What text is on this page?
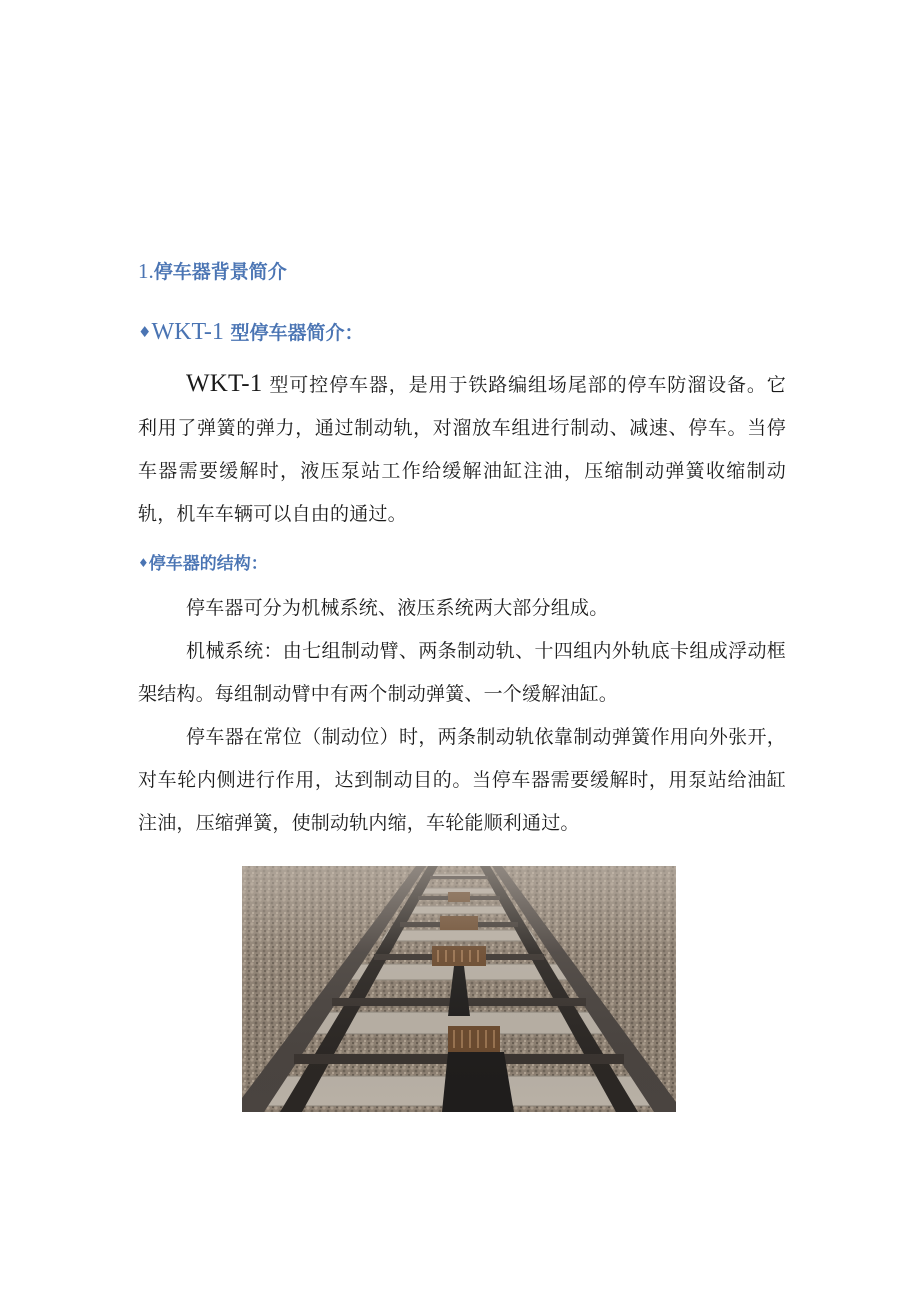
1.停车器背景简介
♦WKT-1 型停车器简介：

WKT-1 型可控停车器，是用于铁路编组场尾部的停车防溜设备。它利用了弹簧的弹力，通过制动轨，对溜放车组进行制动、减速、停车。当停车器需要缓解时，液压泵站工作给缓解油缸注油，压缩制动弹簧收缩制动轨，机车车辆可以自由的通过。

♦停车器的结构：

停车器可分为机械系统、液压系统两大部分组成。

机械系统：由七组制动臂、两条制动轨、十四组内外轨底卡组成浮动框架结构。每组制动臂中有两个制动弹簧、一个缓解油缸。

停车器在常位（制动位）时，两条制动轨依靠制动弹簧作用向外张开，对车轮内侧进行作用，达到制动目的。当停车器需要缓解时，用泵站给油缸注油，压缩弹簧，使制动轨内缩，车轮能顺利通过。
